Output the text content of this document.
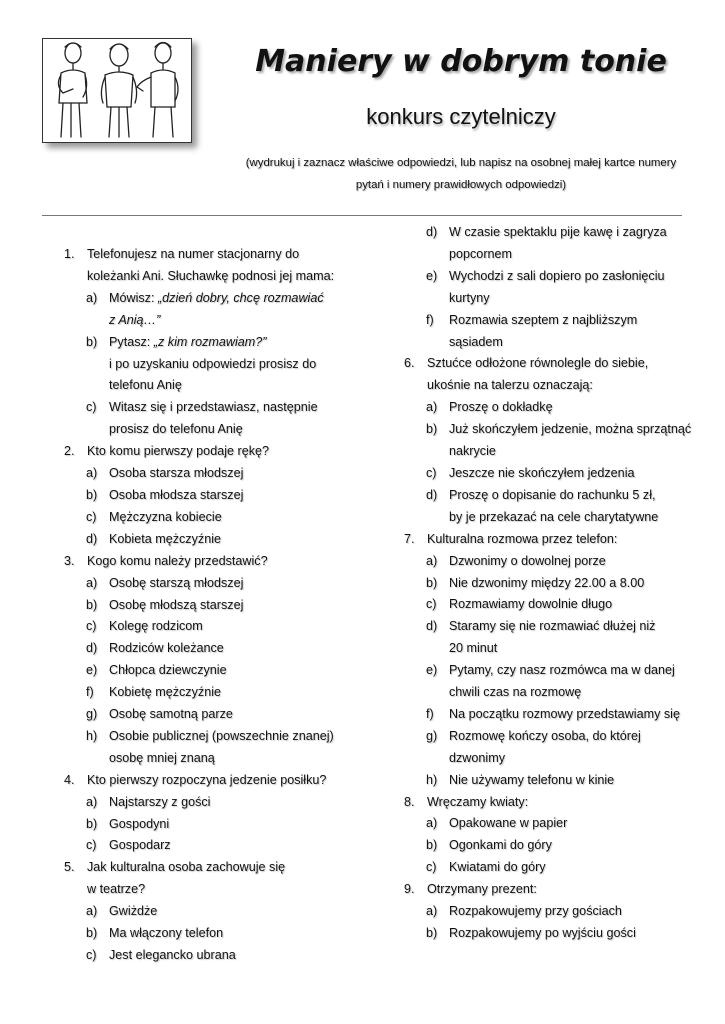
Maniery w dobrym tonie
konkurs czytelniczy
(wydrukuj i zaznacz właściwe odpowiedzi, lub napisz na osobnej małej kartce numery
pytań i numery prawidłowych odpowiedzi)
1. Telefonujesz na numer stacjonarny do
koleżanki Ani. Słuchawkę podnosi jej mama:
a) Mówisz: „dzień dobry, chcę rozmawiać
z Anią…”
b) Pytasz: „z kim rozmawiam?”
i po uzyskaniu odpowiedzi prosisz do
telefonu Anię
c) Witasz się i przedstawiasz, następnie
prosisz do telefonu Anię
2. Kto komu pierwszy podaje rękę?
a) Osoba starsza młodszej
b) Osoba młodsza starszej
c) Mężczyzna kobiecie
d) Kobieta mężczyźnie
3. Kogo komu należy przedstawić?
a) Osobę starszą młodszej
b) Osobę młodszą starszej
c) Kolegę rodzicom
d) Rodziców koleżance
e) Chłopca dziewczynie
f) Kobietę mężczyźnie
g) Osobę samotną parze
h) Osobie publicznej (powszechnie znanej)
osobę mniej znaną
4. Kto pierwszy rozpoczyna jedzenie posiłku?
a) Najstarszy z gości
b) Gospodyni
c) Gospodarz
5. Jak kulturalna osoba zachowuje się
w teatrze?
a) Gwiżdże
b) Ma włączony telefon
c) Jest elegancko ubrana
d) W czasie spektaklu pije kawę i zagryza
popcornem
e) Wychodzi z sali dopiero po zasłonięciu
kurtyny
f) Rozmawia szeptem z najbliższym
sąsiadem
6. Sztućce odłożone równolegle do siebie,
ukośnie na talerzu oznaczają:
a) Proszę o dokładkę
b) Już skończyłem jedzenie, można sprzątnąć
nakrycie
c) Jeszcze nie skończyłem jedzenia
d) Proszę o dopisanie do rachunku 5 zł,
by je przekazać na cele charytatywne
7. Kulturalna rozmowa przez telefon:
a) Dzwonimy o dowolnej porze
b) Nie dzwonimy między 22.00 a 8.00
c) Rozmawiamy dowolnie długo
d) Staramy się nie rozmawiać dłużej niż
20 minut
e) Pytamy, czy nasz rozmówca ma w danej
chwili czas na rozmowę
f) Na początku rozmowy przedstawiamy się
g) Rozmowę kończy osoba, do której
dzwonimy
h) Nie używamy telefonu w kinie
8. Wręczamy kwiaty:
a) Opakowane w papier
b) Ogonkami do góry
c) Kwiatami do góry
9. Otrzymany prezent:
a) Rozpakowujemy przy gościach
b) Rozpakowujemy po wyjściu gości
